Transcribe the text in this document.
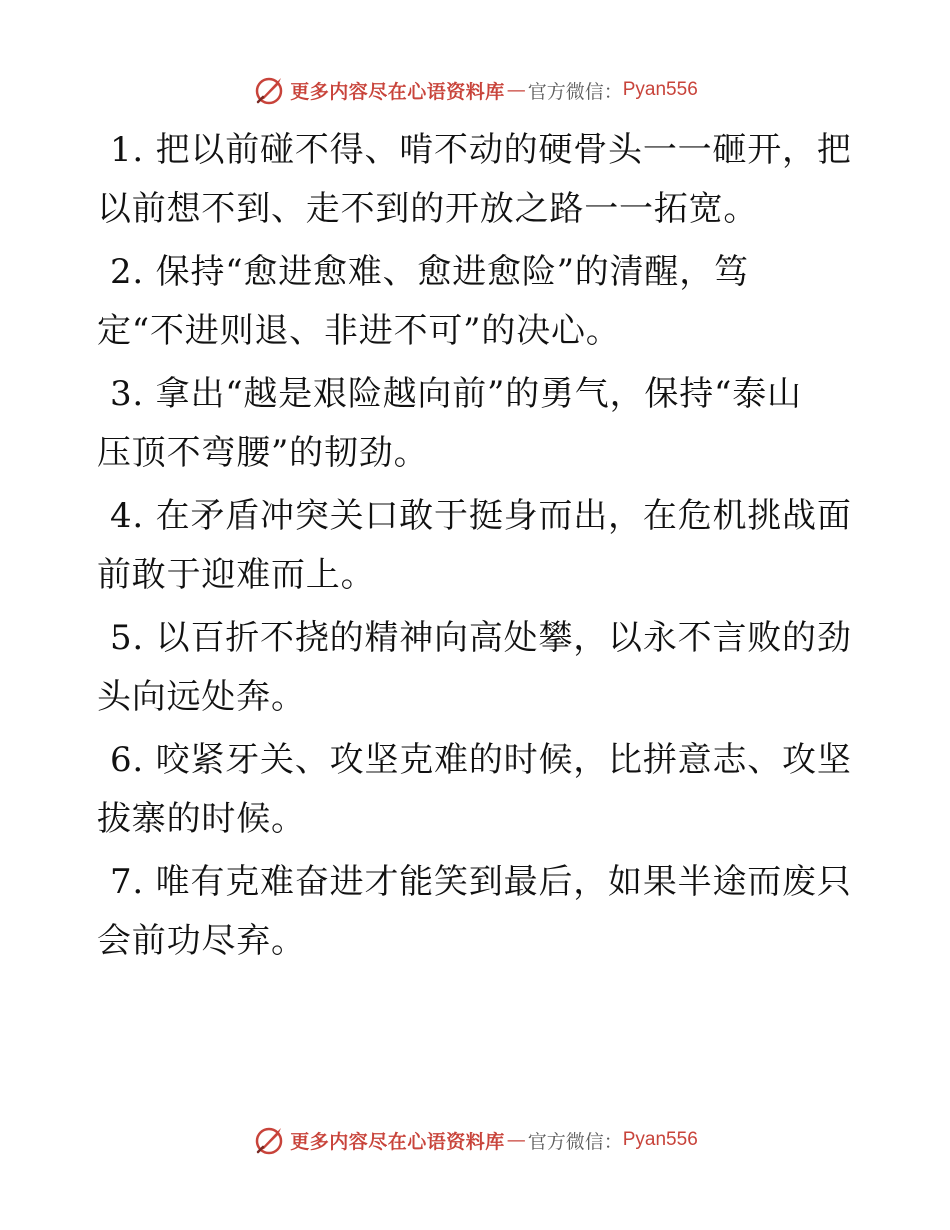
更多内容尽在心语资料库 — 官方微信： Pyan556
1. 把以前碰不得、啃不动的硬骨头一一砸开，把
以前想不到、走不到的开放之路一一拓宽。
2. 保持“愈进愈难、愈进愈险”的清醒，笃
定“不进则退、非进不可”的决心。
3. 拿出“越是艰险越向前”的勇气，保持“泰山
压顶不弯腰”的韧劲。
4. 在矛盾冲突关口敢于挺身而出，在危机挑战面
前敢于迎难而上。
5. 以百折不挠的精神向高处攀，以永不言败的劲
头向远处奔。
6. 咬紧牙关、攻坚克难的时候，比拼意志、攻坚
拔寨的时候。
7. 唯有克难奋进才能笑到最后，如果半途而废只
会前功尽弃。
更多内容尽在心语资料库 — 官方微信： Pyan556
